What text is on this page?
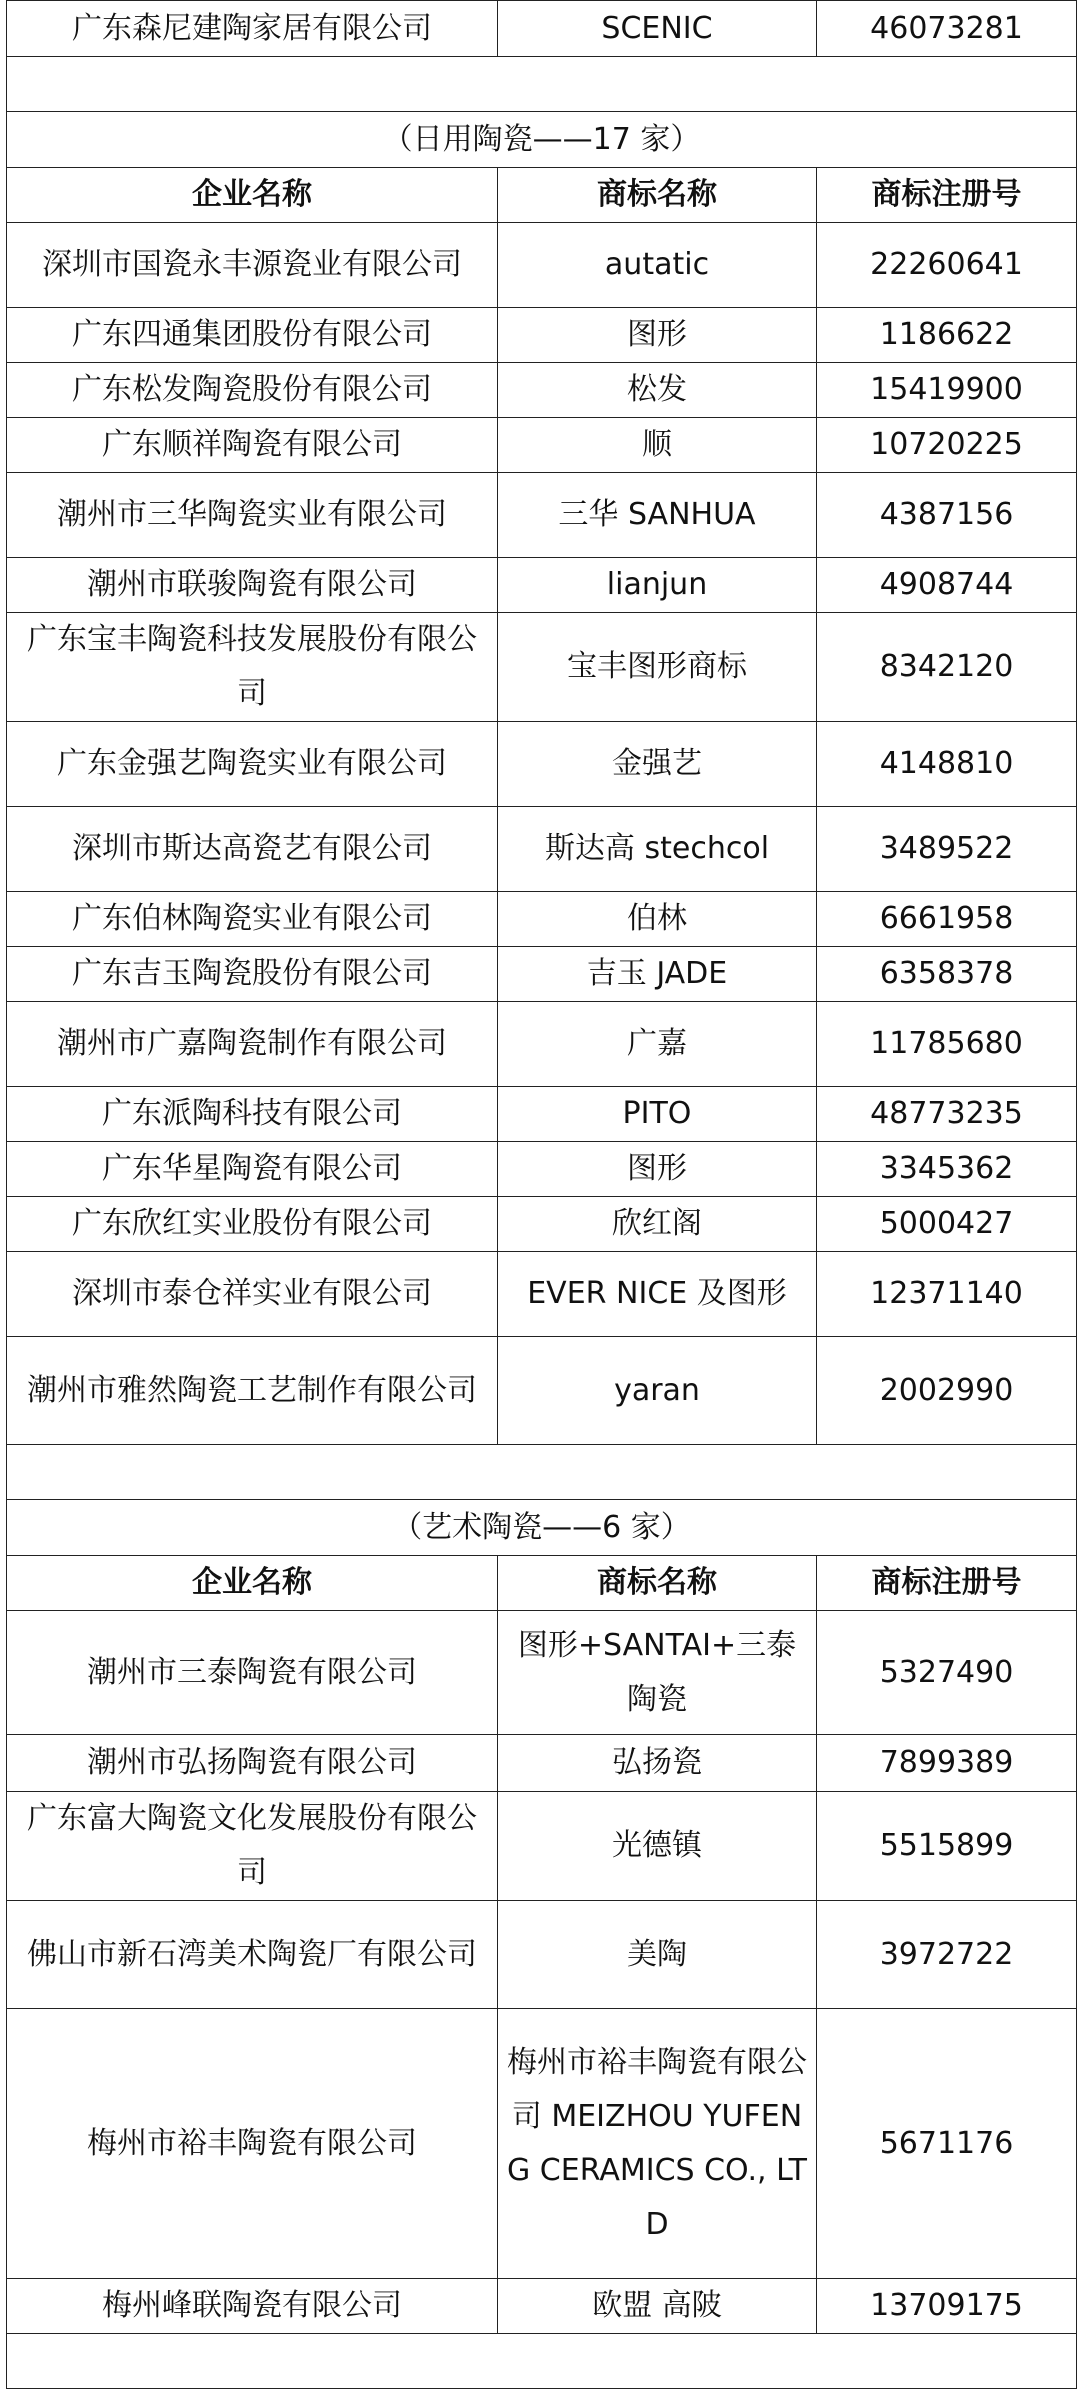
广东森尼建陶家居有限公司	SCENIC	46073281

（日用陶瓷——17 家）		
企业名称	商标名称	商标注册号
深圳市国瓷永丰源瓷业有限公司	autatic	22260641
广东四通集团股份有限公司	图形	1186622
广东松发陶瓷股份有限公司	松发	15419900
广东顺祥陶瓷有限公司	顺	10720225
潮州市三华陶瓷实业有限公司	三华 SANHUA	4387156
潮州市联骏陶瓷有限公司	lianjun	4908744
广东宝丰陶瓷科技发展股份有限公司	宝丰图形商标	8342120
广东金强艺陶瓷实业有限公司	金强艺	4148810
深圳市斯达高瓷艺有限公司	斯达高 stechcol	3489522
广东伯林陶瓷实业有限公司	伯林	6661958
广东吉玉陶瓷股份有限公司	吉玉 JADE	6358378
潮州市广嘉陶瓷制作有限公司	广嘉	11785680
广东派陶科技有限公司	PITO	48773235
广东华星陶瓷有限公司	图形	3345362
广东欣红实业股份有限公司	欣红阁	5000427
深圳市泰仓祥实业有限公司	EVER NICE 及图形	12371140
潮州市雅然陶瓷工艺制作有限公司	yaran	2002990

（艺术陶瓷——6 家）		
企业名称	商标名称	商标注册号
潮州市三泰陶瓷有限公司	图形+SANTAI+三泰陶瓷	5327490
潮州市弘扬陶瓷有限公司	弘扬瓷	7899389
广东富大陶瓷文化发展股份有限公司	光德镇	5515899
佛山市新石湾美术陶瓷厂有限公司	美陶	3972722
梅州市裕丰陶瓷有限公司	梅州市裕丰陶瓷有限公司 MEIZHOU YUFENG CERAMICS CO., LTD	5671176
梅州峰联陶瓷有限公司	欧盟 高陂	13709175
